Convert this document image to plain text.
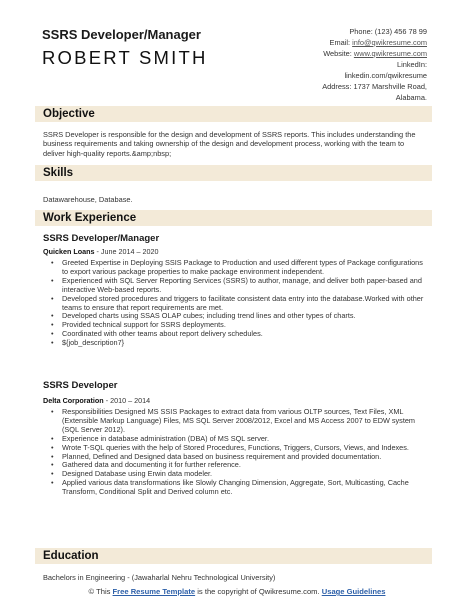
SSRS Developer/Manager
ROBERT SMITH
Phone: (123) 456 78 99
Email: info@qwikresume.com
Website: www.qwikresume.com
LinkedIn:
linkedin.com/qwikresume
Address: 1737 Marshville Road,
Alabama.
Objective
SSRS Developer is responsible for the design and development of SSRS reports. This includes understanding the business requirements and taking ownership of the design and development process, working with the team to deliver high-quality reports.&amp;nbsp;
Skills
Datawarehouse, Database.
Work Experience
SSRS Developer/Manager
Quicken Loans - June 2014 – 2020
• Greeted Expertise in Deploying SSIS Package to Production and used different types of Package configurations to export various package properties to make package environment independent.
• Experienced with SQL Server Reporting Services (SSRS) to author, manage, and deliver both paper-based and interactive Web-based reports.
• Developed stored procedures and triggers to facilitate consistent data entry into the database.Worked with other teams to ensure that report requirements are met.
• Developed charts using SSAS OLAP cubes; including trend lines and other types of charts.
• Provided technical support for SSRS deployments.
• Coordinated with other teams about report delivery schedules.
• ${job_description7}
SSRS Developer
Delta Corporation - 2010 – 2014
• Responsibilities Designed MS SSIS Packages to extract data from various OLTP sources, Text Files, XML (Extensible Markup Language) Files, MS SQL Server 2008/2012, Excel and MS Access 2007 to EDW system (SQL Server 2012).
• Experience in database administration (DBA) of MS SQL server.
• Wrote T-SQL queries with the help of Stored Procedures, Functions, Triggers, Cursors, Views, and Indexes.
• Planned, Defined and Designed data based on business requirement and provided documentation.
• Gathered data and documenting it for further reference.
• Designed Database using Erwin data modeler.
• Applied various data transformations like Slowly Changing Dimension, Aggregate, Sort, Multicasting, Cache Transform, Conditional Split and Derived column etc.
Education
Bachelors in Engineering - (Jawaharlal Nehru Technological University)
© This Free Resume Template is the copyright of Qwikresume.com. Usage Guidelines
